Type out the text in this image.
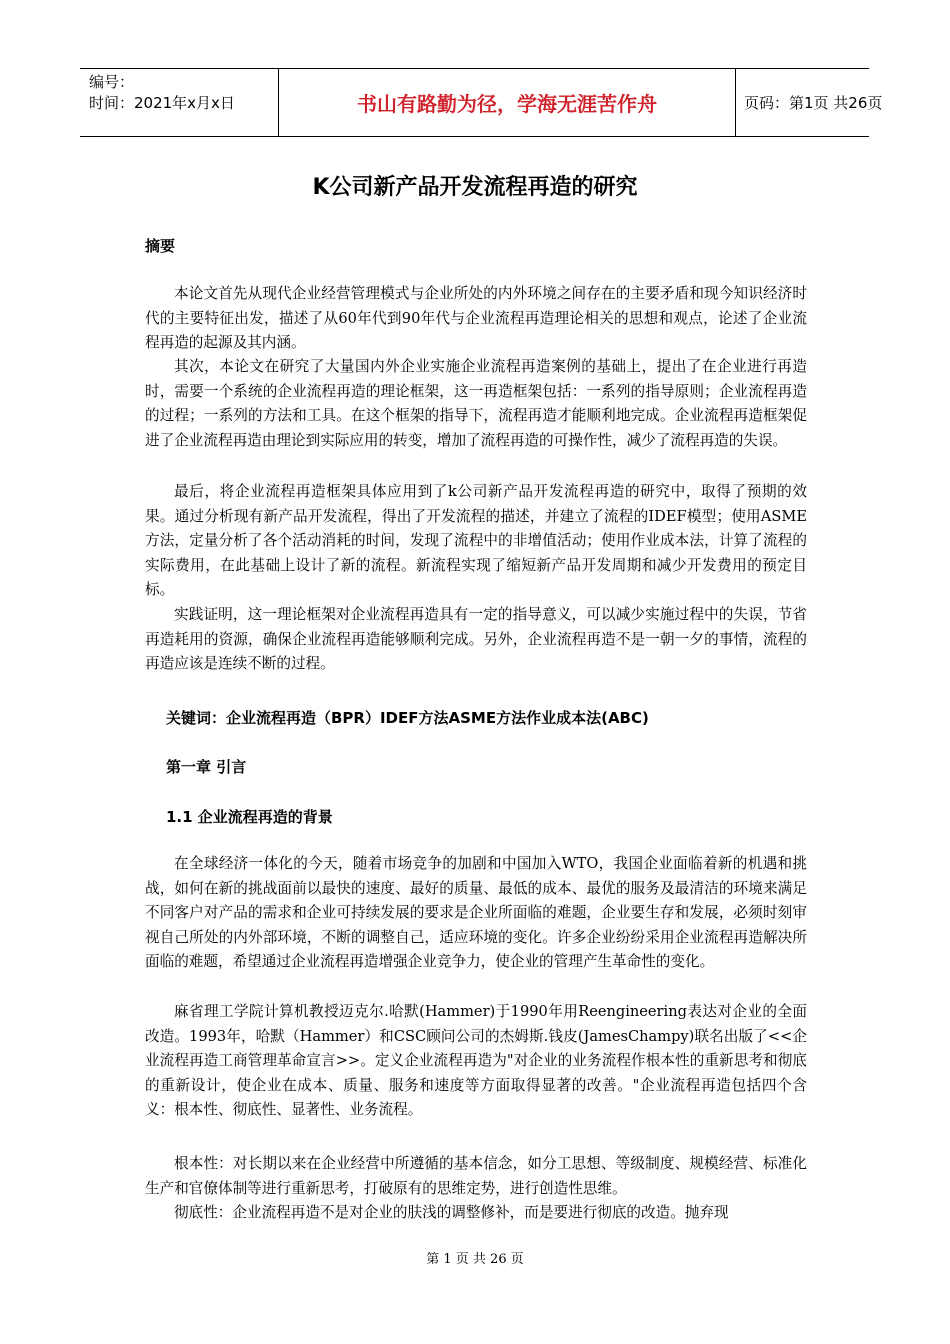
编号：
时间：2021年x月x日	书山有路勤为径，学海无涯苦作舟	页码：第1页 共26页
K公司新产品开发流程再造的研究
摘要

本论文首先从现代企业经营管理模式与企业所处的内外环境之间存在的主要矛盾和现今知识经济时代的主要特征出发，描述了从60年代到90年代与企业流程再造理论相关的思想和观点，论述了企业流程再造的起源及其内涵。

其次，本论文在研究了大量国内外企业实施企业流程再造案例的基础上，提出了在企业进行再造时，需要一个系统的企业流程再造的理论框架，这一再造框架包括：一系列的指导原则；企业流程再造的过程；一系列的方法和工具。在这个框架的指导下，流程再造才能顺利地完成。企业流程再造框架促进了企业流程再造由理论到实际应用的转变，增加了流程再造的可操作性，减少了流程再造的失误。

最后，将企业流程再造框架具体应用到了k公司新产品开发流程再造的研究中，取得了预期的效果。通过分析现有新产品开发流程，得出了开发流程的描述，并建立了流程的IDEF模型；使用ASME方法，定量分析了各个活动消耗的时间，发现了流程中的非增值活动；使用作业成本法，计算了流程的实际费用，在此基础上设计了新的流程。新流程实现了缩短新产品开发周期和减少开发费用的预定目标。

实践证明，这一理论框架对企业流程再造具有一定的指导意义，可以减少实施过程中的失误，节省再造耗用的资源，确保企业流程再造能够顺利完成。另外，企业流程再造不是一朝一夕的事情，流程的再造应该是连续不断的过程。

关键词：企业流程再造（BPR）IDEF方法ASME方法作业成本法(ABC)
第一章 引言
1.1 企业流程再造的背景

在全球经济一体化的今天，随着市场竞争的加剧和中国加入WTO，我国企业面临着新的机遇和挑战，如何在新的挑战面前以最快的速度、最好的质量、最低的成本、最优的服务及最清洁的环境来满足不同客户对产品的需求和企业可持续发展的要求是企业所面临的难题，企业要生存和发展，必须时刻审视自己所处的内外部环境，不断的调整自己，适应环境的变化。许多企业纷纷采用企业流程再造解决所面临的难题，希望通过企业流程再造增强企业竞争力，使企业的管理产生革命性的变化。

麻省理工学院计算机教授迈克尔.哈默(Hammer)于1990年用Reengineering表达对企业的全面改造。1993年，哈默（Hammer）和CSC顾问公司的杰姆斯.钱皮(JamesChampy)联名出版了<<企业流程再造工商管理革命宣言>>。定义企业流程再造为"对企业的业务流程作根本性的重新思考和彻底的重新设计，使企业在成本、质量、服务和速度等方面取得显著的改善。"企业流程再造包括四个含义：根本性、彻底性、显著性、业务流程。

根本性：对长期以来在企业经营中所遵循的基本信念，如分工思想、等级制度、规模经营、标准化生产和官僚体制等进行重新思考，打破原有的思维定势，进行创造性思维。

彻底性：企业流程再造不是对企业的肤浅的调整修补，而是要进行彻底的改造。抛弃现

第 1 页 共 26 页
